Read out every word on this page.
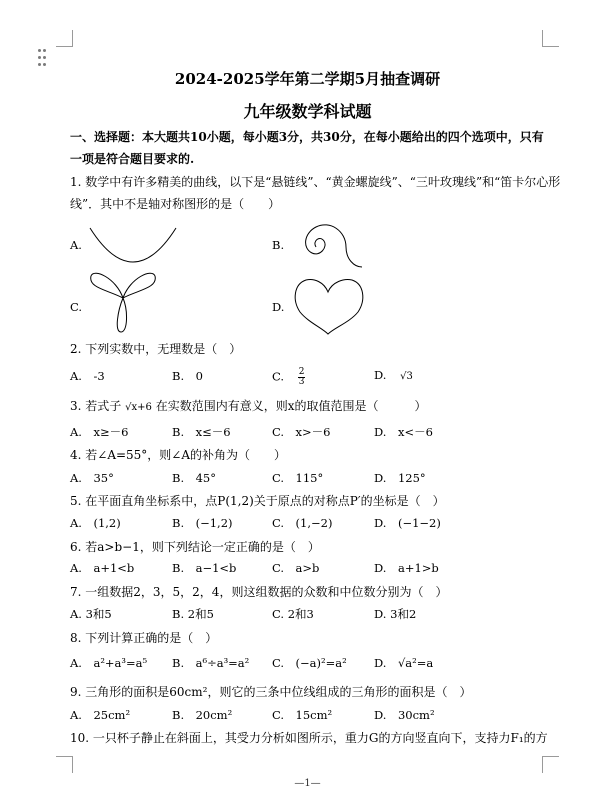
2024-2025学年第二学期5月抽查调研
九年级数学科试题
一、选择题：本大题共10小题，每小题3分，共30分，在每小题给出的四个选项中，只有
一项是符合题目要求的.
1. 数学中有许多精美的曲线，以下是“悬链线”、“黄金螺旋线”、“三叶玫瑰线”和“笛卡尔心形
线”．其中不是轴对称图形的是（　　）
A.	B.
C.	D.
2. 下列实数中，无理数是（　）
A.　-3	B.　0	C. $\frac{2}{3}$	D. √3
3. 若式子 √x+6 在实数范围内有意义，则x的取值范围是（　　　）
A.　x≥－6	B.　x≤－6	C.　x>－6	D.　x<－6
4. 若∠A=55°，则∠A的补角为（　　）
A.　35°	B.　45°	C.　115°	D.　125°
5. 在平面直角坐标系中，点P(1,2)关于原点的对称点P′的坐标是（　）
A.　(1,2)	B.　(−1,2)	C.　(1,−2)	D.　(−1−2)
6. 若a>b−1，则下列结论一定正确的是（　）
A.　a+1<b	B.　a−1<b	C.　a>b	D.　a+1>b
7. 一组数据2，3，5，2，4，则这组数据的众数和中位数分别为（　）
A. 3和5	B. 2和5	C. 2和3	D. 3和2
8. 下列计算正确的是（　）
A.　a²+a³=a⁵ B.　a⁶÷a³=a² C.　(−a)²=a² D.　√a²=a
9. 三角形的面积是60cm²，则它的三条中位线组成的三角形的面积是（　）
A.　25cm²	B.　20cm²	C.　15cm²	D.　30cm²
10. 一只杯子静止在斜面上，其受力分析如图所示，重力G的方向竖直向下，支持力F₁的方
—1—
